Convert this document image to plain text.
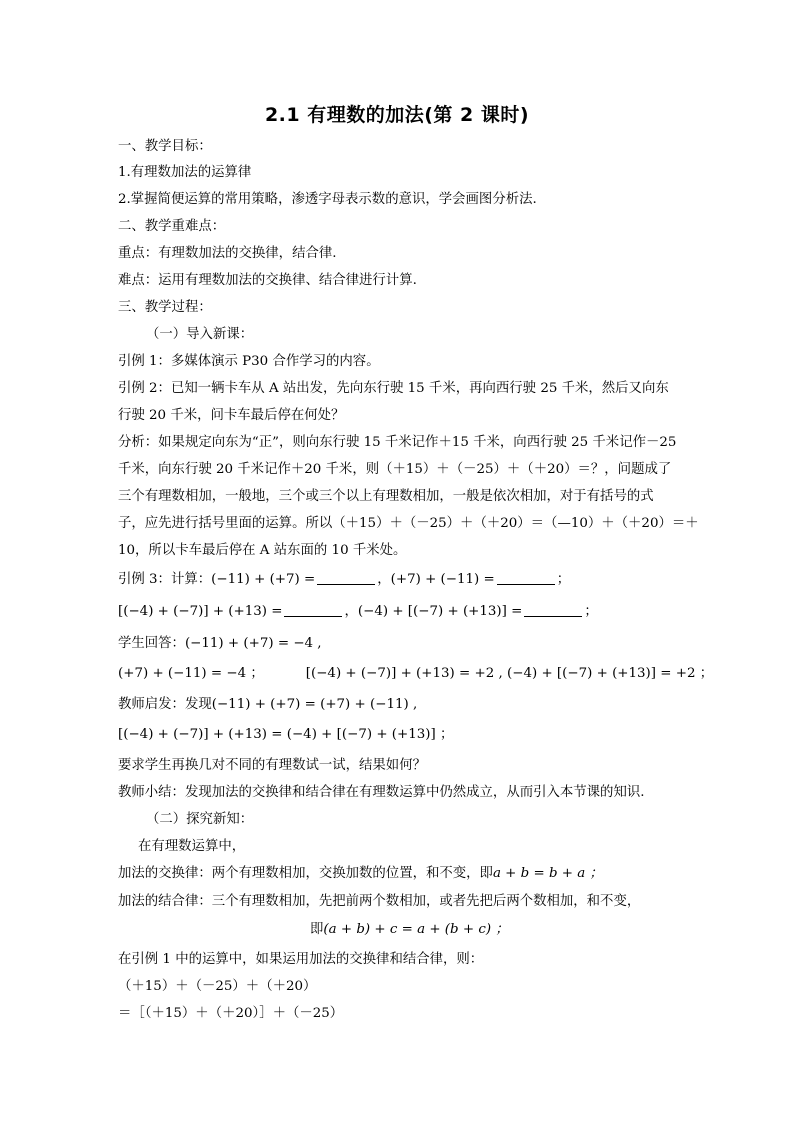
2.1 有理数的加法(第 2 课时)
一、教学目标：
1.有理数加法的运算律
2.掌握简便运算的常用策略，渗透字母表示数的意识，学会画图分析法.
二、教学重难点：
重点：有理数加法的交换律，结合律.
难点：运用有理数加法的交换律、结合律进行计算.
三、教学过程：
（一）导入新课：
引例 1：多媒体演示 P30 合作学习的内容。
引例 2：已知一辆卡车从 A 站出发，先向东行驶 15 千米，再向西行驶 25 千米，然后又向东
行驶 20 千米，问卡车最后停在何处？
分析：如果规定向东为“正”，则向东行驶 15 千米记作＋15 千米，向西行驶 25 千米记作－25
千米，向东行驶 20 千米记作＋20 千米，则（＋15）＋（－25）＋（＋20）＝？，问题成了
三个有理数相加，一般地，三个或三个以上有理数相加，一般是依次相加，对于有括号的式
子，应先进行括号里面的运算。所以（＋15）＋（－25）＋（＋20）＝（—10）＋（＋20）＝＋
10，所以卡车最后停在 A 站东面的 10 千米处。
引例 3：计算：(−11) + (+7) =	，(+7) + (−11) =	；
[(−4) + (−7)] + (+13) =	，(−4) + [(−7) + (+13)] =	；
学生回答：(−11) + (+7) = −4 ,
(+7) + (−11) = −4 ；	[(−4) + (−7)] + (+13) = +2 , (−4) + [(−7) + (+13)] = +2 ；
教师启发：发现(−11) + (+7) = (+7) + (−11) ,
[(−4) + (−7)] + (+13) = (−4) + [(−7) + (+13)] ；
要求学生再换几对不同的有理数试一试，结果如何？
教师小结：发现加法的交换律和结合律在有理数运算中仍然成立，从而引入本节课的知识.
（二）探究新知：
在有理数运算中，
加法的交换律：两个有理数相加，交换加数的位置，和不变，即a + b = b + a ；
加法的结合律：三个有理数相加，先把前两个数相加，或者先把后两个数相加，和不变，
即(a + b) + c = a + (b + c) ；
在引例 1 中的运算中，如果运用加法的交换律和结合律，则：
（＋15）＋（－25）＋（＋20）
＝［（＋15）＋（＋20）］＋（－25）
